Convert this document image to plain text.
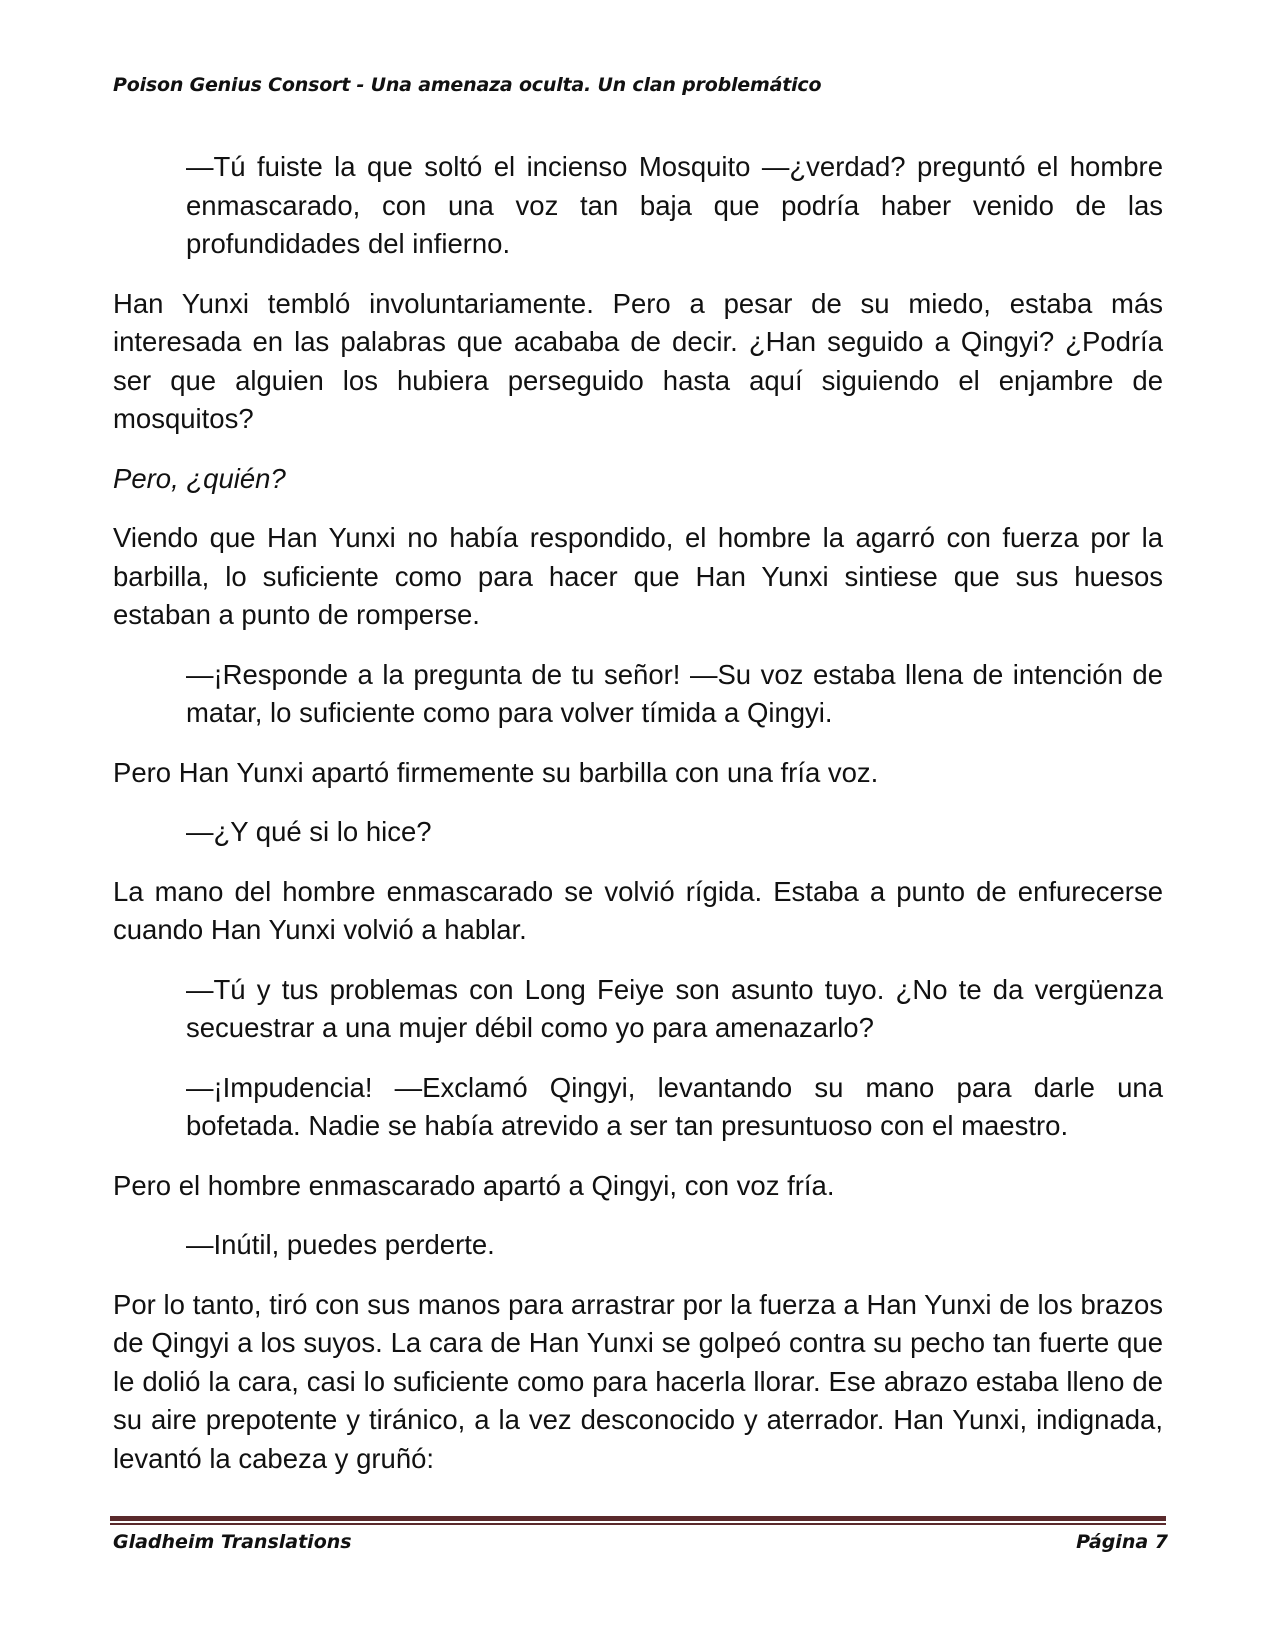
Poison Genius Consort - Una amenaza oculta. Un clan problemático

—Tú fuiste la que soltó el incienso Mosquito —¿verdad? preguntó el hombre enmascarado, con una voz tan baja que podría haber venido de las profundidades del infierno.

Han Yunxi tembló involuntariamente. Pero a pesar de su miedo, estaba más interesada en las palabras que acababa de decir. ¿Han seguido a Qingyi? ¿Podría ser que alguien los hubiera perseguido hasta aquí siguiendo el enjambre de mosquitos?

Pero, ¿quién?

Viendo que Han Yunxi no había respondido, el hombre la agarró con fuerza por la barbilla, lo suficiente como para hacer que Han Yunxi sintiese que sus huesos estaban a punto de romperse.

—¡Responde a la pregunta de tu señor! —Su voz estaba llena de intención de matar, lo suficiente como para volver tímida a Qingyi.

Pero Han Yunxi apartó firmemente su barbilla con una fría voz.

—¿Y qué si lo hice?

La mano del hombre enmascarado se volvió rígida. Estaba a punto de enfurecerse cuando Han Yunxi volvió a hablar.

—Tú y tus problemas con Long Feiye son asunto tuyo. ¿No te da vergüenza secuestrar a una mujer débil como yo para amenazarlo?

—¡Impudencia! —Exclamó Qingyi, levantando su mano para darle una bofetada. Nadie se había atrevido a ser tan presuntuoso con el maestro.

Pero el hombre enmascarado apartó a Qingyi, con voz fría.

—Inútil, puedes perderte.

Por lo tanto, tiró con sus manos para arrastrar por la fuerza a Han Yunxi de los brazos de Qingyi a los suyos. La cara de Han Yunxi se golpeó contra su pecho tan fuerte que le dolió la cara, casi lo suficiente como para hacerla llorar. Ese abrazo estaba lleno de su aire prepotente y tiránico, a la vez desconocido y aterrador. Han Yunxi, indignada, levantó la cabeza y gruñó:

Gladheim Translations	Página 7
